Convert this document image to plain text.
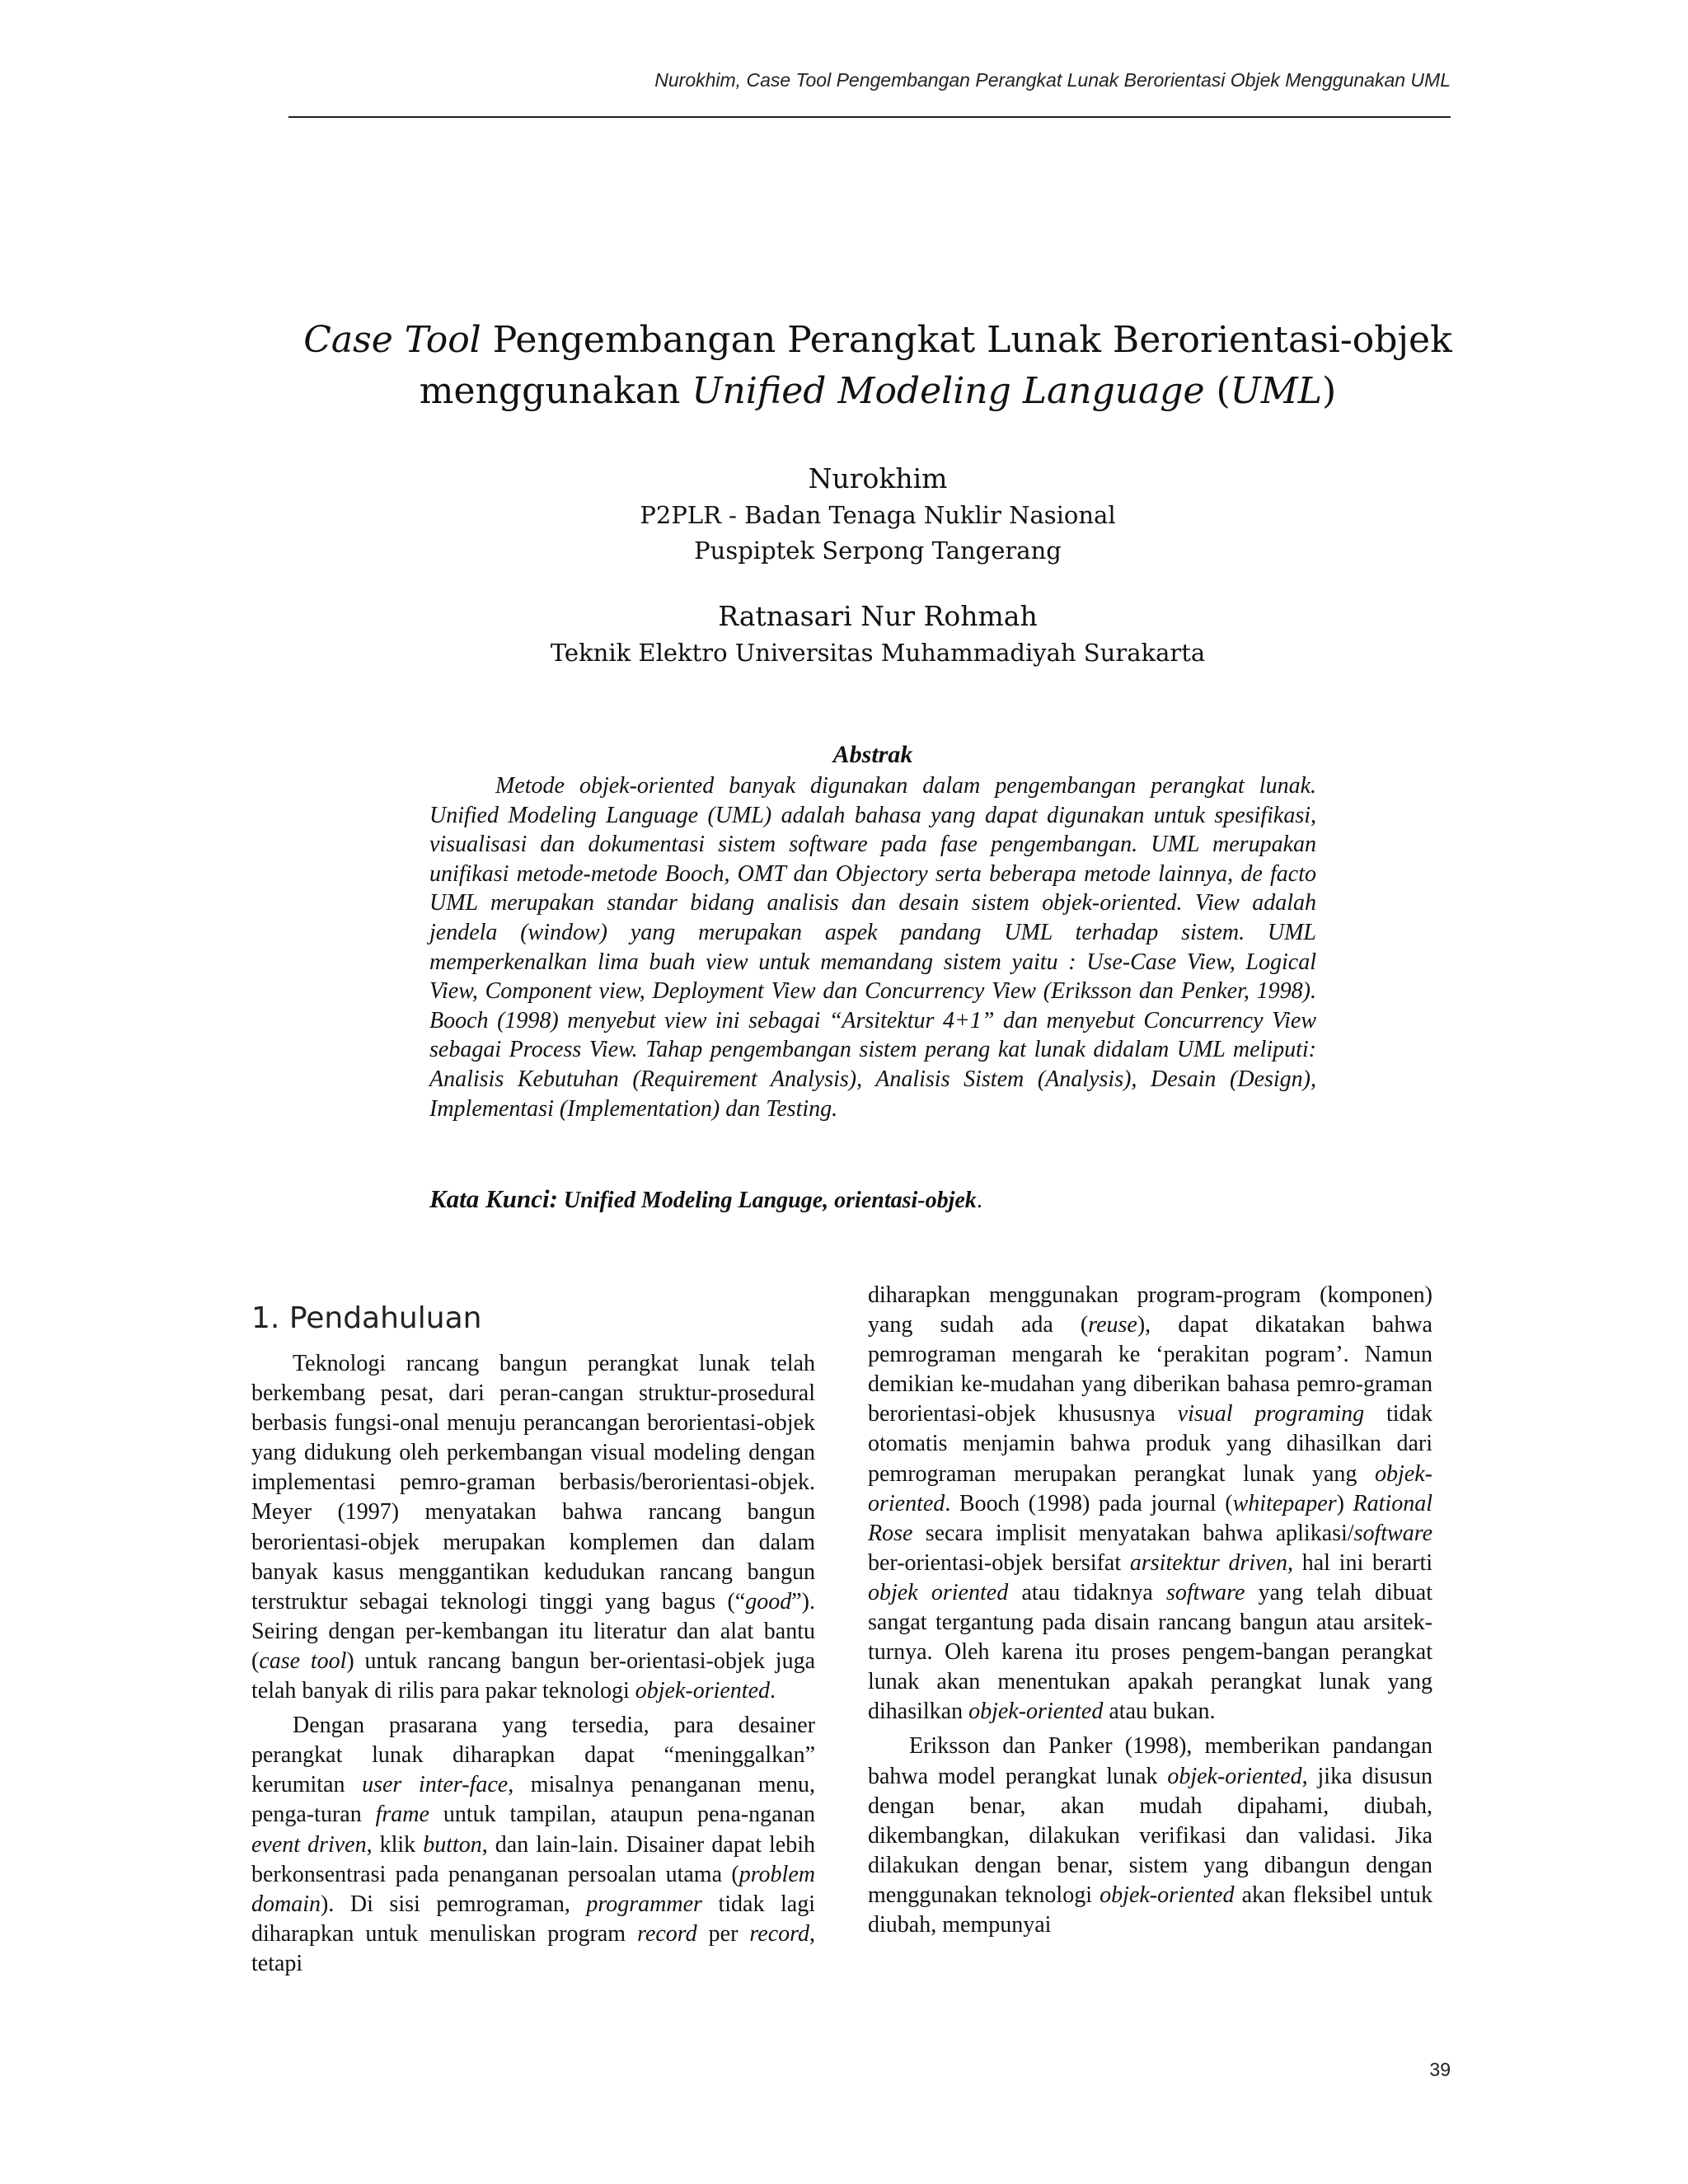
Nurokhim, Case Tool Pengembangan Perangkat Lunak Berorientasi Objek Menggunakan UML
Case Tool Pengembangan Perangkat Lunak Berorientasi-objek
menggunakan Unified Modeling Language (UML)
Nurokhim
P2PLR - Badan Tenaga Nuklir Nasional
Puspiptek Serpong Tangerang
Ratnasari Nur Rohmah
Teknik Elektro Universitas Muhammadiyah Surakarta
Abstrak
Metode objek-oriented banyak digunakan dalam pengembangan perangkat lunak. Unified Modeling Language (UML) adalah bahasa yang dapat digunakan untuk spesifikasi, visualisasi dan dokumentasi sistem software pada fase pengembangan. UML merupakan unifikasi metode-metode Booch, OMT dan Objectory serta beberapa metode lainnya, de facto UML merupakan standar bidang analisis dan desain sistem objek-oriented. View adalah jendela (window) yang merupakan aspek pandang UML terhadap sistem. UML memperkenalkan lima buah view untuk memandang sistem yaitu : Use-Case View, Logical View, Component view, Deployment View dan Concurrency View (Eriksson dan Penker, 1998). Booch (1998) menyebut view ini sebagai “Arsitektur 4+1” dan menyebut Concurrency View sebagai Process View. Tahap pengembangan sistem perang kat lunak didalam UML meliputi: Analisis Kebutuhan (Requirement Analysis), Analisis Sistem (Analysis), Desain (Design), Implementasi (Implementation) dan Testing.
Kata Kunci: Unified Modeling Languge, orientasi-objek.
1. Pendahuluan

Teknologi rancang bangun perangkat lunak telah berkembang pesat, dari peran-cangan struktur-prosedural berbasis fungsi-onal menuju perancangan berorientasi-objek yang didukung oleh perkembangan visual modeling dengan implementasi pemro-graman berbasis/berorientasi-objek. Meyer (1997) menyatakan bahwa rancang bangun berorientasi-objek merupakan komplemen dan dalam banyak kasus menggantikan kedudukan rancang bangun terstruktur sebagai teknologi tinggi yang bagus (“good”). Seiring dengan per-kembangan itu literatur dan alat bantu (case tool) untuk rancang bangun ber-orientasi-objek juga telah banyak di rilis para pakar teknologi objek-oriented.

Dengan prasarana yang tersedia, para desainer perangkat lunak diharapkan dapat “meninggalkan” kerumitan user inter-face, misalnya penanganan menu, penga-turan frame untuk tampilan, ataupun pena-nganan event driven, klik button, dan lain-lain. Disainer dapat lebih berkonsentrasi pada penanganan persoalan utama (problem domain). Di sisi pemrograman, programmer tidak lagi diharapkan untuk menuliskan program record per record, tetapi

diharapkan menggunakan program-program (komponen) yang sudah ada (reuse), dapat dikatakan bahwa pemrograman mengarah ke ‘perakitan pogram’. Namun demikian ke-mudahan yang diberikan bahasa pemro-graman berorientasi-objek khususnya visual programing tidak otomatis menjamin bahwa produk yang dihasilkan dari pemrograman merupakan perangkat lunak yang objek-oriented. Booch (1998) pada journal (whitepaper) Rational Rose secara implisit menyatakan bahwa aplikasi/software ber-orientasi-objek bersifat arsitektur driven, hal ini berarti objek oriented atau tidaknya software yang telah dibuat sangat tergantung pada disain rancang bangun atau arsitek-turnya. Oleh karena itu proses pengem-bangan perangkat lunak akan menentukan apakah perangkat lunak yang dihasilkan objek-oriented atau bukan.

Eriksson dan Panker (1998), memberikan pandangan bahwa model perangkat lunak objek-oriented, jika disusun dengan benar, akan mudah dipahami, diubah, dikembangkan, dilakukan verifikasi dan validasi. Jika dilakukan dengan benar, sistem yang dibangun dengan menggunakan teknologi objek-oriented akan fleksibel untuk diubah, mempunyai

39
